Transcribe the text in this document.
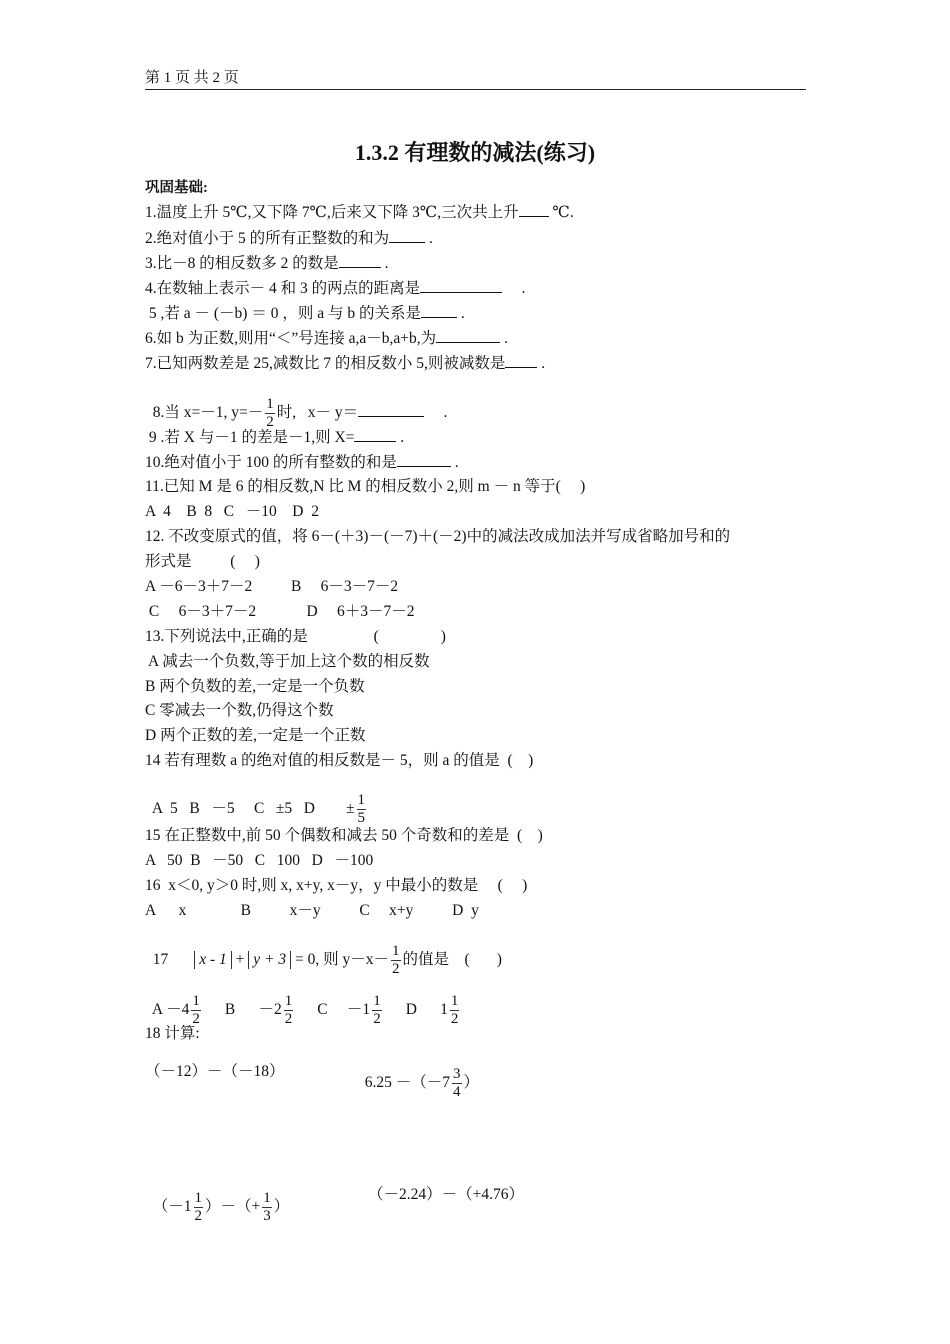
第 1 页 共 2 页
1.3.2 有理数的减法(练习)
巩固基础:
1.温度上升 5℃,又下降 7℃,后来又下降 3℃,三次共上升 ℃.
2.绝对值小于 5 的所有正整数的和为 .
3.比－8 的相反数多 2 的数是	.
4.在数轴上表示－ 4 和 3 的两点的距离是	.
5 ,若 a － (－b) ＝ 0 ，则 a 与 b 的关系是 .
6.如 b 为正数,则用“＜”号连接 a,a－b,a+b,为	.
7.已知两数差是 25,减数比 7 的相反数小 5,则被减数是 .

8.当 x=－1, $y=- \frac{1}{2}$ 时,   x－ y＝	.

9 .若 X 与－1 的差是－1,则 X=	.
10.绝对值小于 100 的所有整数的和是	.
11.已知 M 是 6 的相反数,N 比 M 的相反数小 2,则 m － n 等于(     )
A  4    B  8   C   －10    D  2
12. 不改变原式的值，将 6－(＋3)－(－7)＋(－2)中的减法改成加法并写成省略加号和的
形式是          (     )
A －6－3＋7－2          B     6－3－7－2
C     6－3＋7－2             D     6＋3－7－2
13.下列说法中,正确的是                 (                )
A 减去一个负数,等于加上这个数的相反数
B 两个负数的差,一定是一个负数
C 零减去一个数,仍得这个数
D 两个正数的差,一定是一个正数
14 若有理数 a 的绝对值的相反数是－ 5，则 a 的值是  (    )

A  5   B   －5     C   ±5   D        ± $\frac{1}{5}$

15 在正整数中,前 50 个偶数和减去 50 个奇数和的差是  (    )
A   50  B   －50   C   100   D   －100
16  x＜0, y＞0 时,则 x, x+y, x－y，y 中最小的数是     (     )
A      x              B          x－y          C     x+y          D  y

17 x - 1 + y + 3 = 0, 则 $y-x- \frac{1}{2}$ 的值是    (       )

$A -4 \frac{1}{2}$ B      $-2 \frac{1}{2}$ C     $-1 \frac{1}{2}$ D      $1 \frac{1}{2}$

18 计算:
（－12）－（－18）

$6.25 -(-7 \frac{3}{4}$ ）

（$-1 \frac{1}{2}$ ）－（+ $\frac{1}{3}$ ）

（－2.24）－（+4.76）
